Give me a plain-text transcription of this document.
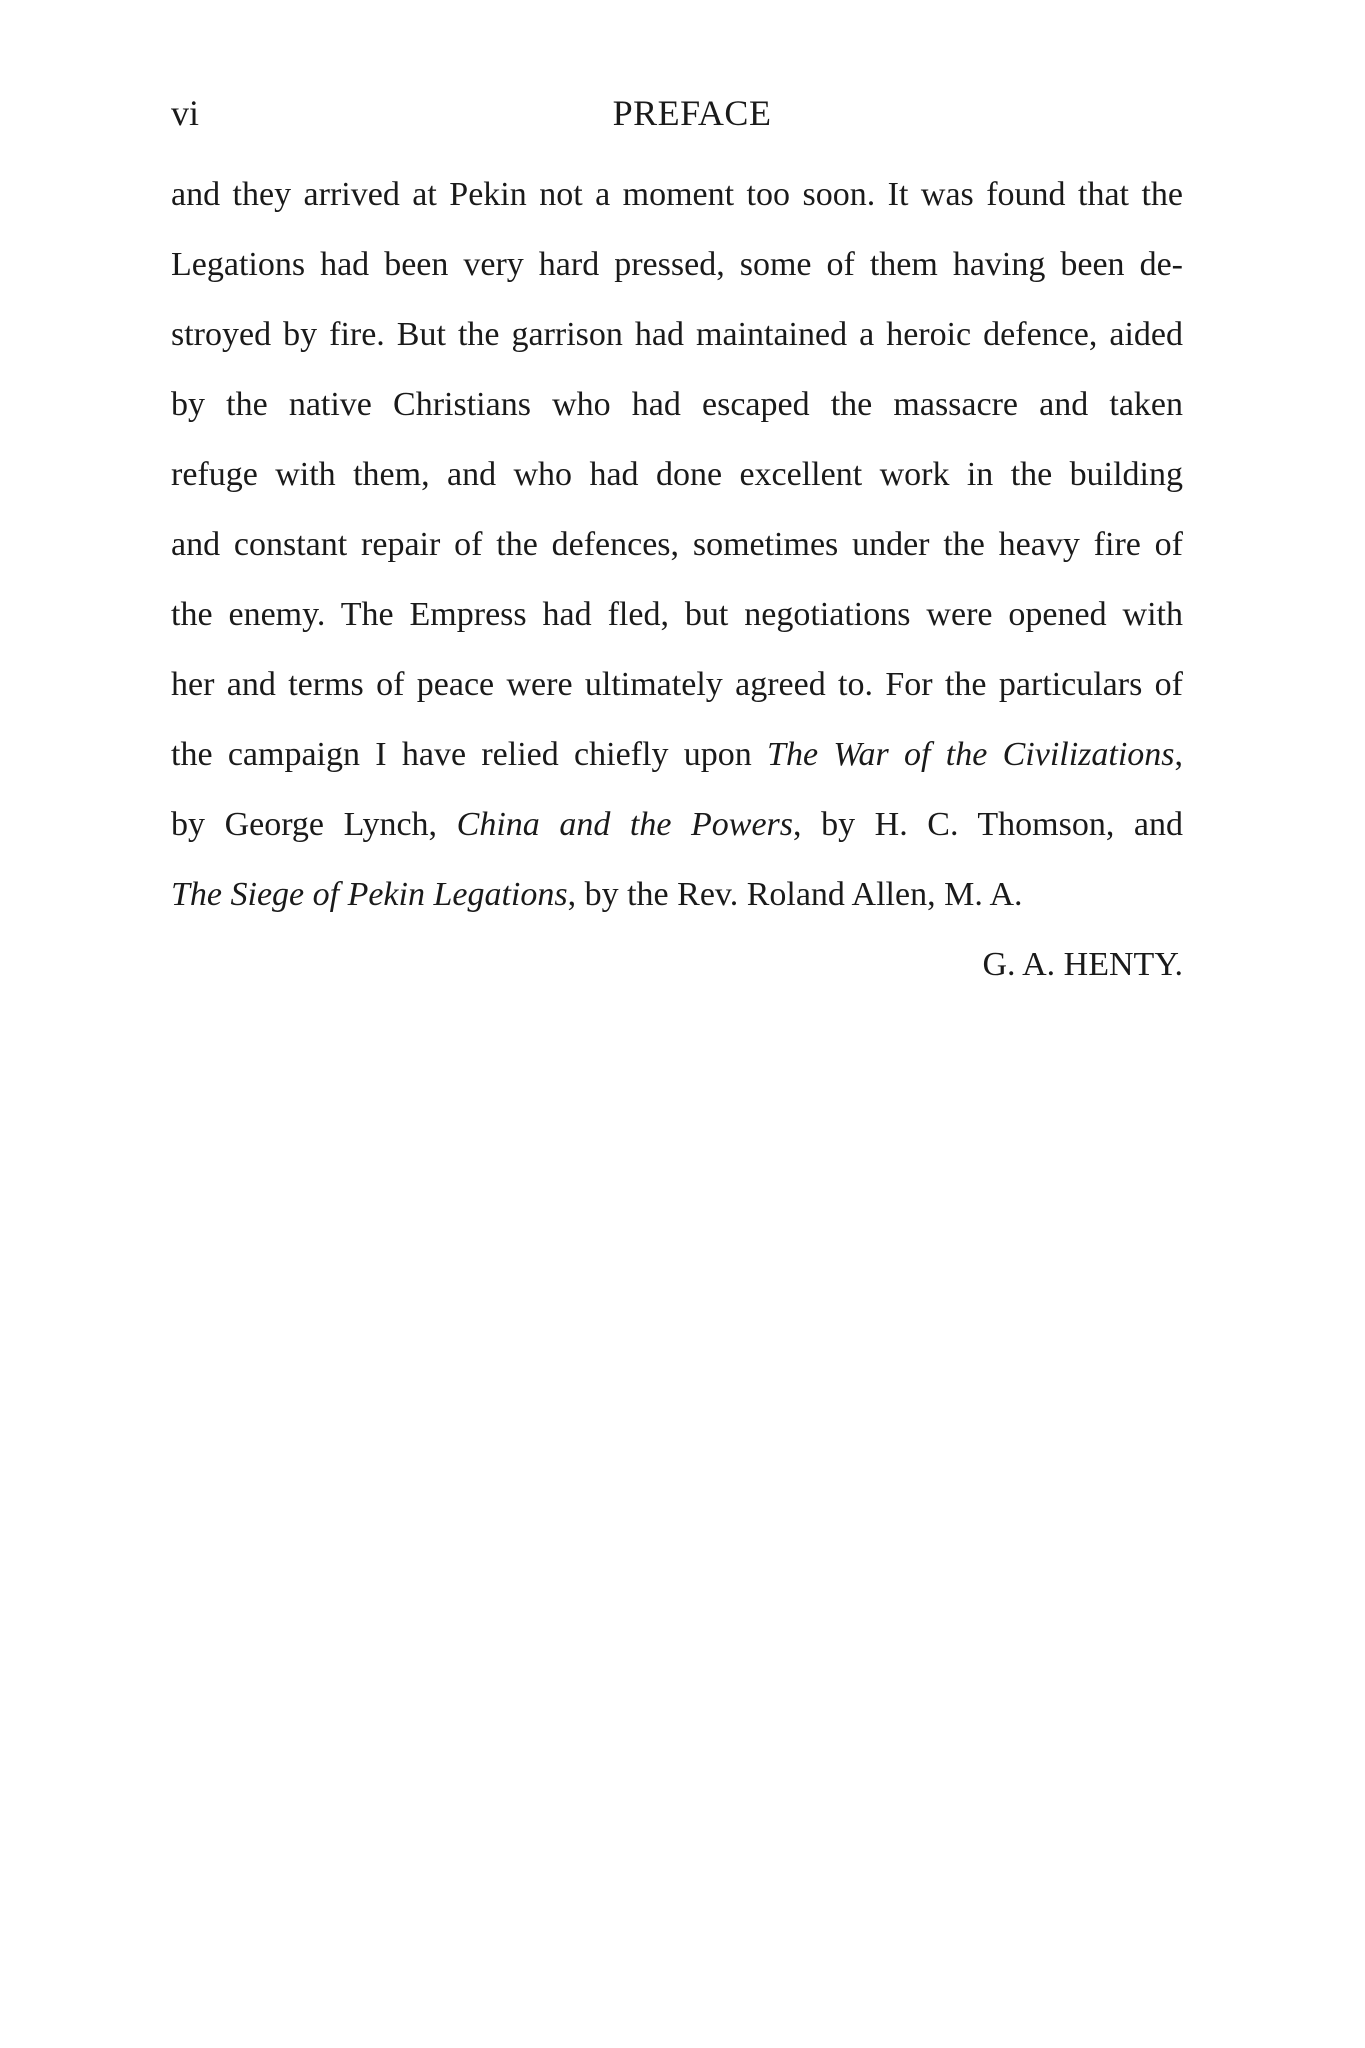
vi	PREFACE
and they arrived at Pekin not a moment too soon. It was found that the
Legations had been very hard pressed, some of them having been de-
stroyed by fire. But the garrison had maintained a heroic defence, aided
by the native Christians who had escaped the massacre and taken
refuge with them, and who had done excellent work in the building
and constant repair of the defences, sometimes under the heavy fire of
the enemy. The Empress had fled, but negotiations were opened with
her and terms of peace were ultimately agreed to. For the particulars of
the campaign I have relied chiefly upon The War of the Civilizations,
by George Lynch, China and the Powers, by H. C. Thomson, and
The Siege of Pekin Legations, by the Rev. Roland Allen, M. A.
G. A. HENTY.
